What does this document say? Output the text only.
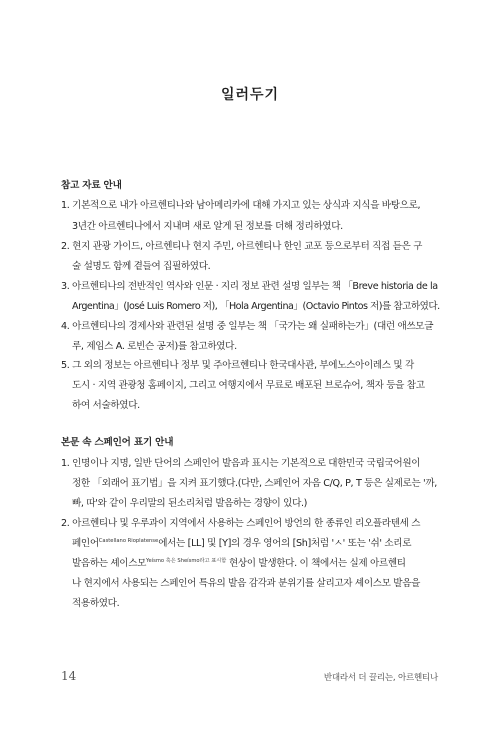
일러두기
참고 자료 안내
1. 기본적으로 내가 아르헨티나와 남아메리카에 대해 가지고 있는 상식과 지식을 바탕으로,
3년간 아르헨티나에서 지내며 새로 알게 된 정보를 더해 정리하였다.
2. 현지 관광 가이드, 아르헨티나 현지 주민, 아르헨티나 한인 교포 등으로부터 직접 듣은 구
술 설명도 함께 곁들여 집필하였다.
3. 아르헨티나의 전반적인 역사와 인문 · 지리 정보 관련 설명 일부는 책 「Breve historia de la
Argentina」(José Luis Romero 저), 「Hola Argentina」(Octavio Pintos 저)를 참고하였다.
4. 아르헨티나의 경제사와 관련된 설명 중 일부는 책 「국가는 왜 실패하는가」(대런 애쓰모글
루, 제임스 A. 로빈슨 공저)를 참고하였다.
5. 그 외의 정보는 아르헨티나 정부 및 주아르헨티나 한국대사관, 부에노스아이레스 및 각
도시 · 지역 관광청 홈페이지, 그리고 여행지에서 무료로 배포된 브로슈어, 책자 등을 참고
하여 서술하였다.
본문 속 스페인어 표기 안내
1. 인명이나 지명, 일반 단어의 스페인어 발음과 표시는 기본적으로 대한민국 국립국어원이
정한 「외래어 표기법」을 지켜 표기했다.(다만, 스페인어 자음 C/Q, P, T 등은 실제로는 '까,
빠, 따'와 같이 우리말의 된소리처럼 발음하는 경향이 있다.)
2. 아르헨티나 및 우루과이 지역에서 사용하는 스페인어 방언의 한 종류인 리오플라텐세 스
페인어$^{Castellano Rioplatense}$에서는 [LL] 및 [Y]의 경우 영어의 [Sh]처럼 'ㅅ' 또는 '쉬' 소리로
발음하는 셰이스모$^{Yeísmo 혹은 Sheísmo라고 표시함}$ 현상이 발생한다. 이 책에서는 실제 아르헨티
나 현지에서 사용되는 스페인어 특유의 발음 감각과 분위기를 살리고자 셰이스모 발음을
적용하였다.
14	반대라서 더 끌리는, 아르헨티나
